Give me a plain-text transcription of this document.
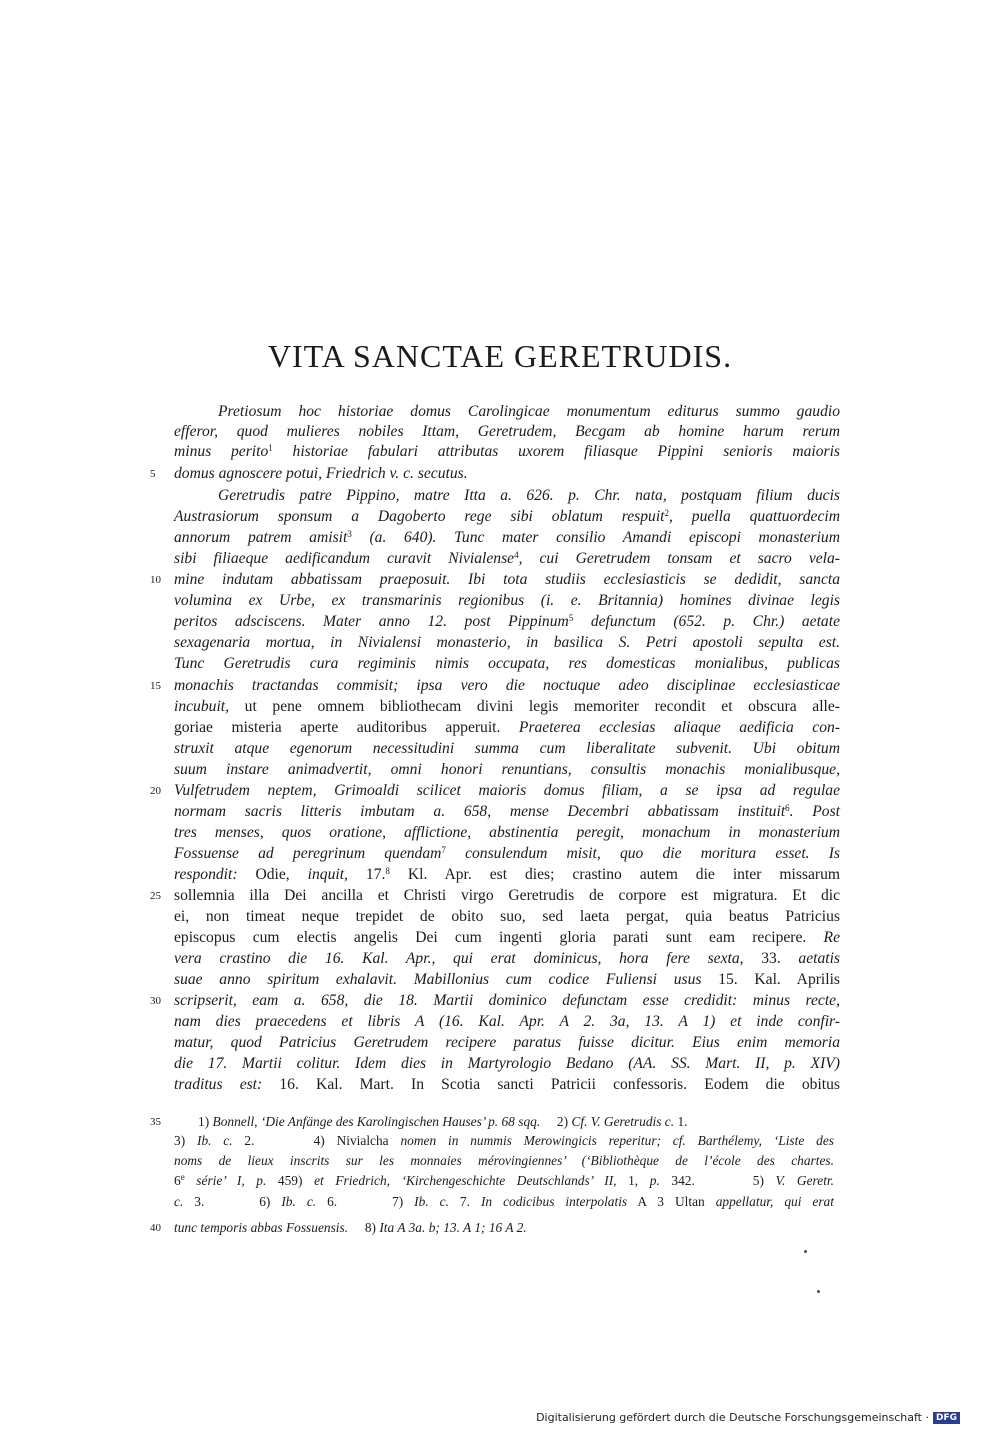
VITA SANCTAE GERETRUDIS.
Pretiosum hoc historiae domus Carolingicae monumentum editurus summo gaudio
efferor, quod mulieres nobiles Ittam, Geretrudem, Becgam ab homine harum rerum
minus perito$^1$ historiae fabulari attributas uxorem filiasque Pippini senioris maioris
5	domus agnoscere potui, Friedrich v. c. secutus.
Geretrudis patre Pippino, matre Itta a. 626. p. Chr. nata, postquam filium ducis
Austrasiorum sponsum a Dagoberto rege sibi oblatum respuit$^2$, puella quattuordecim
annorum patrem amisit$^3$ (a. 640). Tunc mater consilio Amandi episcopi monasterium
sibi filiaeque aedificandum curavit Nivialense$^4$, cui Geretrudem tonsam et sacro vela-
10 mine indutam abbatissam praeposuit. Ibi tota studiis ecclesiasticis se dedidit, sancta
volumina ex Urbe, ex transmarinis regionibus (i. e. Britannia) homines divinae legis
peritos adsciscens. Mater anno 12. post Pippinum$^5$ defunctum (652. p. Chr.) aetate
sexagenaria mortua, in Nivialensi monasterio, in basilica S. Petri apostoli sepulta est.
Tunc Geretrudis cura regiminis nimis occupata, res domesticas monialibus, publicas
15 monachis tractandas commisit; ipsa vero die noctuque adeo disciplinae ecclesiasticae
incubuit, ut pene omnem bibliothecam divini legis memoriter recondit et obscura alle-
goriae misteria aperte auditoribus apperuit. Praeterea ecclesias aliaque aedificia con-
struxit atque egenorum necessitudini summa cum liberalitate subvenit. Ubi obitum
suum instare animadvertit, omni honori renuntians, consultis monachis monialibusque,
20 Vulfetrudem neptem, Grimoaldi scilicet maioris domus filiam, a se ipsa ad regulae
normam sacris litteris imbutam a. 658, mense Decembri abbatissam instituit$^6$. Post
tres menses, quos oratione, afflictione, abstinentia peregit, monachum in monasterium
Fossuense ad peregrinum quendam$^7$ consulendum misit, quo die moritura esset. Is
respondit: Odie, inquit, 17.$^8$ Kl. Apr. est dies; crastino autem die inter missarum
25 sollemnia illa Dei ancilla et Christi virgo Geretrudis de corpore est migratura. Et dic
ei, non timeat neque trepidet de obito suo, sed laeta pergat, quia beatus Patricius
episcopus cum electis angelis Dei cum ingenti gloria parati sunt eam recipere. Re
vera crastino die 16. Kal. Apr., qui erat dominicus, hora fere sexta, 33. aetatis
suae anno spiritum exhalavit. Mabillonius cum codice Fuliensi usus 15. Kal. Aprilis
30 scripserit, eam a. 658, die 18. Martii dominico defunctam esse credidit: minus recte,
nam dies praecedens et libris A (16. Kal. Apr. A 2. 3a, 13. A 1) et inde confir-
matur, quod Patricius Geretrudem recipere paratus fuisse dicitur. Eius enim memoria
die 17. Martii colitur. Idem dies in Martyrologio Bedano (AA. SS. Mart. II, p. XIV)
traditus est: 16. Kal. Mart. In Scotia sancti Patricii confessoris. Eodem die obitus
35	1) Bonnell, ‘Die Anfänge des Karolingischen Hauses’ p. 68 sqq.     2) Cf. V. Geretrudis c. 1.
3) Ib. c. 2.     4) Nivialcha nomen in nummis Merowingicis reperitur; cf. Barthélemy, ‘Liste des
noms de lieux inscrits sur les monnaies mérovingiennes’ (‘Bibliothèque de l’école des chartes.
6e série’ I, p. 459) et Friedrich, ‘Kirchengeschichte Deutschlands’ II, 1, p. 342.     5) V. Geretr.
c. 3.     6) Ib. c. 6.     7) Ib. c. 7. In codicibus interpolatis A 3 Ultan appellatur, qui erat
40 tunc temporis abbas Fossuensis.     8) Ita A 3a. b; 13. A 1; 16 A 2.
Digitalisierung gefördert durch die Deutsche Forschungsgemeinschaft · DFG
